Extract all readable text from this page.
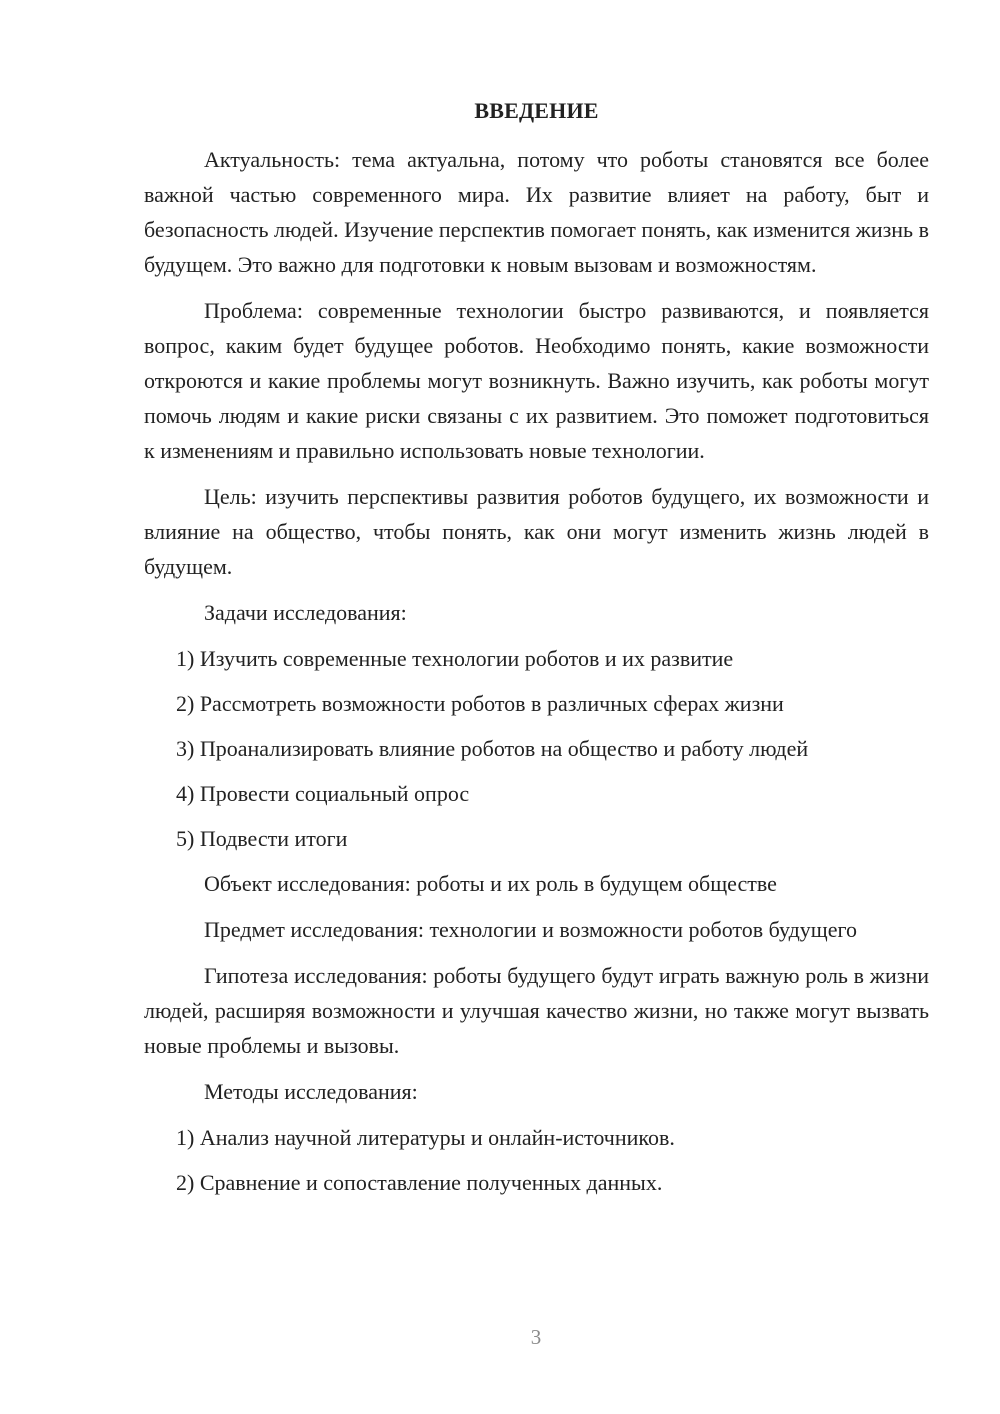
ВВЕДЕНИЕ

Актуальность: тема актуальна, потому что роботы становятся все более важной частью современного мира. Их развитие влияет на работу, быт и безопасность людей. Изучение перспектив помогает понять, как изменится жизнь в будущем. Это важно для подготовки к новым вызовам и возможностям.

Проблема: современные технологии быстро развиваются, и появляется вопрос, каким будет будущее роботов. Необходимо понять, какие возможности откроются и какие проблемы могут возникнуть. Важно изучить, как роботы могут помочь людям и какие риски связаны с их развитием. Это поможет подготовиться к изменениям и правильно использовать новые технологии.

Цель: изучить перспективы развития роботов будущего, их возможности и влияние на общество, чтобы понять, как они могут изменить жизнь людей в будущем.

Задачи исследования:

1) Изучить современные технологии роботов и их развитие
2) Рассмотреть возможности роботов в различных сферах жизни
3) Проанализировать влияние роботов на общество и работу людей
4) Провести социальный опрос
5) Подвести итоги

Объект исследования: роботы и их роль в будущем обществе

Предмет исследования: технологии и возможности роботов будущего

Гипотеза исследования: роботы будущего будут играть важную роль в жизни людей, расширяя возможности и улучшая качество жизни, но также могут вызвать новые проблемы и вызовы.

Методы исследования:

1) Анализ научной литературы и онлайн-источников.
2) Сравнение и сопоставление полученных данных.
3
